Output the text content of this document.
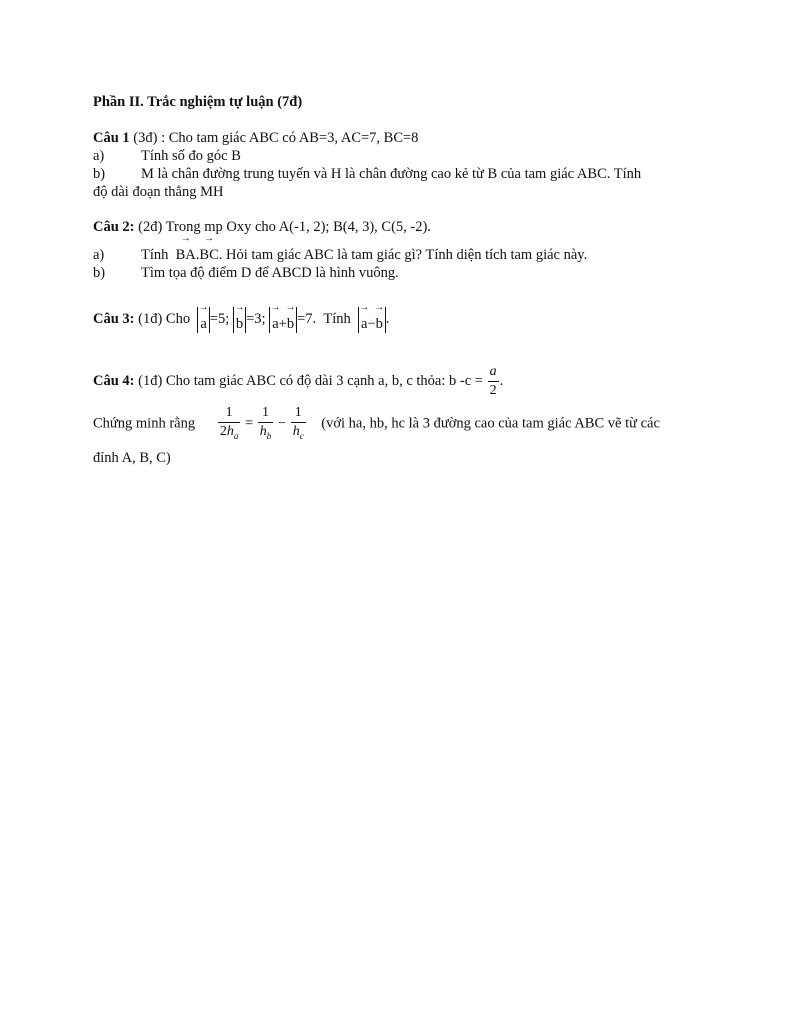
Phần II. Trắc nghiệm tự luận (7đ)
Câu 1 (3đ) : Cho tam giác ABC có AB=3, AC=7, BC=8
a)	Tính số đo góc B
b) M là chân đường trung tuyến và H là chân đường cao kẻ từ B của tam giác ABC. Tính
độ dài đoạn thẳng MH
Câu 2: (2đ) Trong mp Oxy cho A(-1, 2); B(4, 3), C(5, -2).
a)	Tính → BA.→ BC. Hỏi tam giác ABC là tam giác gì? Tính diện tích tam giác này.
b) Tìm tọa độ điểm D để ABCD là hình vuông.
Câu 3: (1đ) Cho → a =5; → b =3; → a+→ b =7. Tính → a−→ b .
Câu 4: (1đ) Cho tam giác ABC có độ dài 3 cạnh a, b, c thỏa: b $-c = \frac{a}{2}$ .
Chứng minh rằng $\frac{1}{2h_a} = \frac{1}{h_b} - \frac{1}{h_c}$ (với ha, hb, hc là 3 đường cao của tam giác ABC vẽ từ các
đỉnh A, B, C)
